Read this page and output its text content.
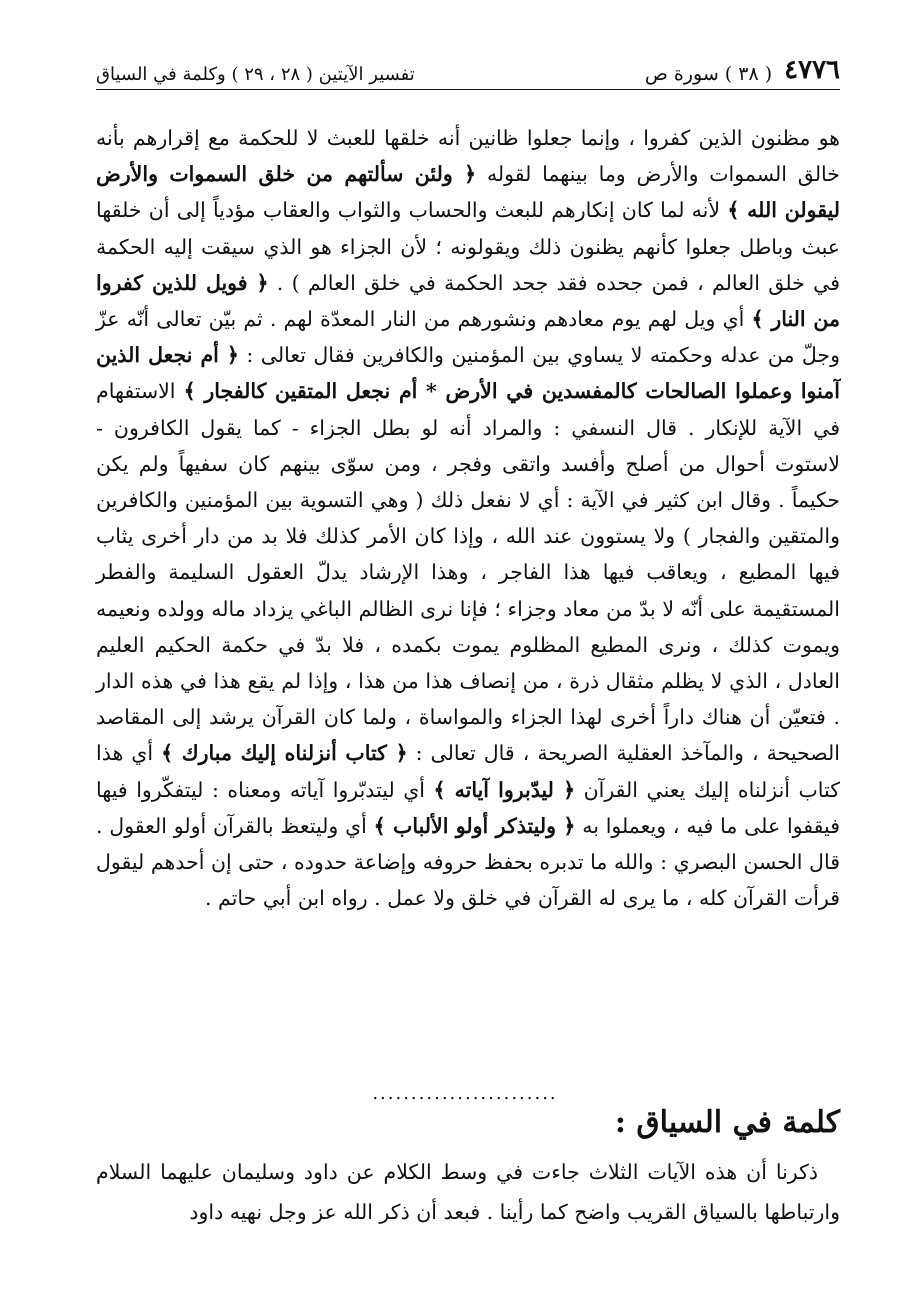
٤٧٧٦
( ٣٨ ) سورة ص
تفسير الآيتين ( ٢٨ ، ٢٩ ) وكلمة في السياق

هو مظنون الذين كفروا ، وإنما جعلوا ظانين أنه خلقها للعبث لا للحكمة مع إقرارهم بأنه خالق السموات والأرض وما بينهما لقوله ﴿ ولئن سألتهم من خلق السموات والأرض ليقولن الله ﴾ لأنه لما كان إنكارهم للبعث والحساب والثواب والعقاب مؤدياً إلى أن خلقها عبث وباطل جعلوا كأنهم يظنون ذلك ويقولونه ؛ لأن الجزاء هو الذي سيقت إليه الحكمة في خلق العالم ، فمن جحده فقد جحد الحكمة في خلق العالم ) . ﴿ فويل للذين كفروا من النار ﴾ أي ويل لهم يوم معادهم ونشورهم من النار المعدّة لهم . ثم بيّن تعالى أنّه عزّ وجلّ من عدله وحكمته لا يساوي بين المؤمنين والكافرين فقال تعالى : ﴿ أم نجعل الذين آمنوا وعملوا الصالحات كالمفسدين في الأرض * أم نجعل المتقين كالفجار ﴾ الاستفهام في الآية للإنكار . قال النسفي : والمراد أنه لو بطل الجزاء - كما يقول الكافرون - لاستوت أحوال من أصلح وأفسد واتقى وفجر ، ومن سوّى بينهم كان سفيهاً ولم يكن حكيماً . وقال ابن كثير في الآية : أي لا نفعل ذلك ( وهي التسوية بين المؤمنين والكافرين والمتقين والفجار ) ولا يستوون عند الله ، وإذا كان الأمر كذلك فلا بد من دار أخرى يثاب فيها المطيع ، ويعاقب فيها هذا الفاجر ، وهذا الإرشاد يدلّ العقول السليمة والفطر المستقيمة على أنّه لا بدّ من معاد وجزاء ؛ فإنا نرى الظالم الباغي يزداد ماله وولده ونعيمه ويموت كذلك ، ونرى المطيع المظلوم يموت بكمده ، فلا بدّ في حكمة الحكيم العليم العادل ، الذي لا يظلم مثقال ذرة ، من إنصاف هذا من هذا ، وإذا لم يقع هذا في هذه الدار . فتعيّن أن هناك داراً أخرى لهذا الجزاء والمواساة ، ولما كان القرآن يرشد إلى المقاصد الصحيحة ، والمآخذ العقلية الصريحة ، قال تعالى : ﴿ كتاب أنزلناه إليك مبارك ﴾ أي هذا كتاب أنزلناه إليك يعني القرآن ﴿ ليدّبروا آياته ﴾ أي ليتدبّروا آياته ومعناه : ليتفكّروا فيها فيقفوا على ما فيه ، ويعملوا به ﴿ وليتذكر أولو الألباب ﴾ أي وليتعظ بالقرآن أولو العقول . قال الحسن البصري : والله ما تدبره بحفظ حروفه وإضاعة حدوده ، حتى إن أحدهم ليقول قرأت القرآن كله ، ما يرى له القرآن في خلق ولا عمل . رواه ابن أبي حاتم .

........................
كلمة في السياق :

ذكرنا أن هذه الآيات الثلاث جاءت في وسط الكلام عن داود وسليمان عليهما السلام وارتباطها بالسياق القريب واضح كما رأينا . فبعد أن ذكر الله عز وجل نهيه داود
